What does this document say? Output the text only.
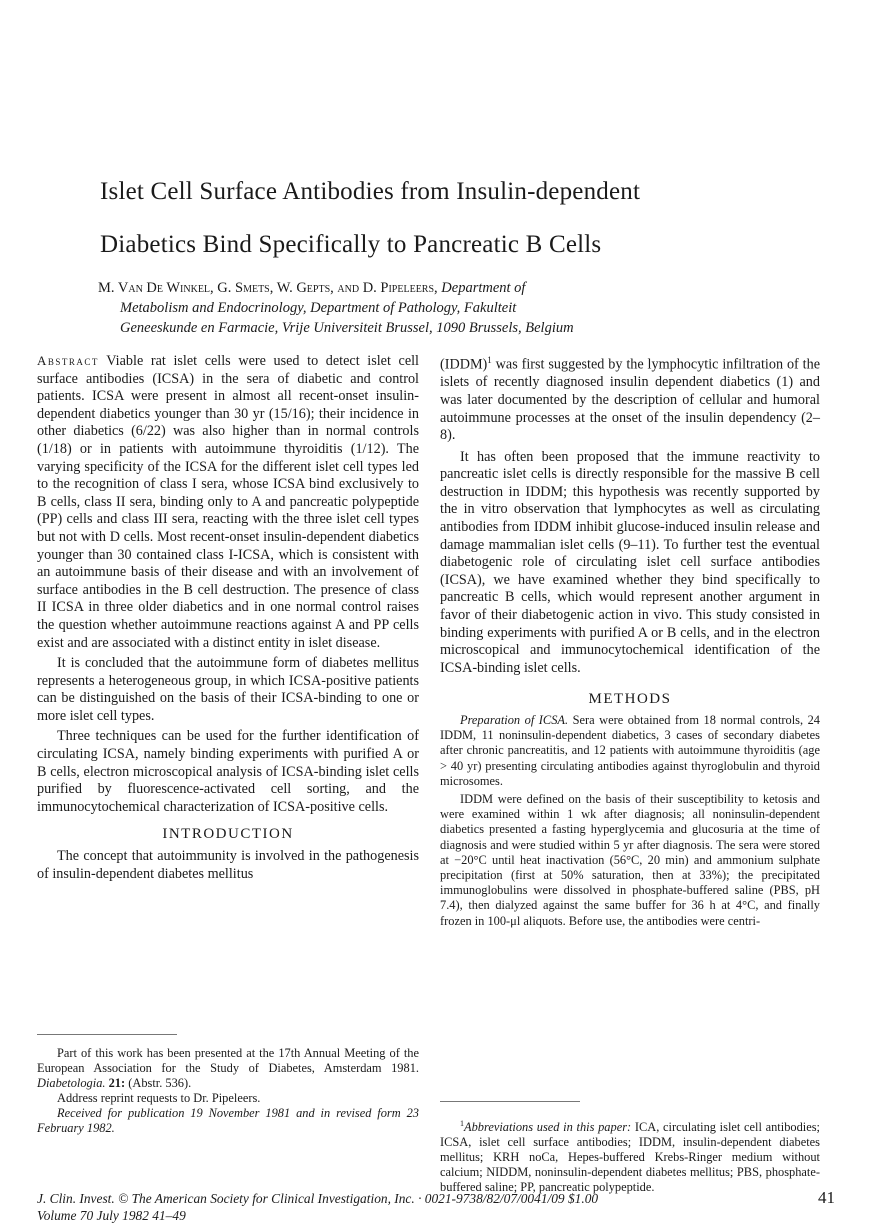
Islet Cell Surface Antibodies from Insulin-dependent
Diabetics Bind Specifically to Pancreatic B Cells
M. Van De Winkel, G. Smets, W. Gepts, and D. Pipeleers, Department of
Metabolism and Endocrinology, Department of Pathology, Fakulteit
Geneeskunde en Farmacie, Vrije Universiteit Brussel, 1090 Brussels, Belgium

Abstract Viable rat islet cells were used to detect islet cell surface antibodies (ICSA) in the sera of diabetic and control patients. ICSA were present in almost all recent-onset insulin-dependent diabetics younger than 30 yr (15/16); their incidence in other diabetics (6/22) was also higher than in normal controls (1/18) or in patients with autoimmune thyroiditis (1/12). The varying specificity of the ICSA for the different islet cell types led to the recognition of class I sera, whose ICSA bind exclusively to B cells, class II sera, binding only to A and pancreatic polypeptide (PP) cells and class III sera, reacting with the three islet cell types but not with D cells. Most recent-onset insulin-dependent diabetics younger than 30 contained class I-ICSA, which is consistent with an autoimmune basis of their disease and with an involvement of surface antibodies in the B cell destruction. The presence of class II ICSA in three older diabetics and in one normal control raises the question whether autoimmune reactions against A and PP cells exist and are associated with a distinct entity in islet disease.

It is concluded that the autoimmune form of diabetes mellitus represents a heterogeneous group, in which ICSA-positive patients can be distinguished on the basis of their ICSA-binding to one or more islet cell types.

Three techniques can be used for the further identification of circulating ICSA, namely binding experiments with purified A or B cells, electron microscopical analysis of ICSA-binding islet cells purified by fluorescence-activated cell sorting, and the immunocytochemical characterization of ICSA-positive cells.

INTRODUCTION

The concept that autoimmunity is involved in the pathogenesis of insulin-dependent diabetes mellitus

Part of this work has been presented at the 17th Annual Meeting of the European Association for the Study of Diabetes, Amsterdam 1981. Diabetologia. 21: (Abstr. 536).

Address reprint requests to Dr. Pipeleers.

Received for publication 19 November 1981 and in revised form 23 February 1982.

(IDDM)$^1$ was first suggested by the lymphocytic infiltration of the islets of recently diagnosed insulin dependent diabetics (1) and was later documented by the description of cellular and humoral autoimmune processes at the onset of the insulin dependency (2–8).

It has often been proposed that the immune reactivity to pancreatic islet cells is directly responsible for the massive B cell destruction in IDDM; this hypothesis was recently supported by the in vitro observation that lymphocytes as well as circulating antibodies from IDDM inhibit glucose-induced insulin release and damage mammalian islet cells (9–11). To further test the eventual diabetogenic role of circulating islet cell surface antibodies (ICSA), we have examined whether they bind specifically to pancreatic B cells, which would represent another argument in favor of their diabetogenic action in vivo. This study consisted in binding experiments with purified A or B cells, and in the electron microscopical and immunocytochemical identification of the ICSA-binding islet cells.

METHODS

Preparation of ICSA. Sera were obtained from 18 normal controls, 24 IDDM, 11 noninsulin-dependent diabetics, 3 cases of secondary diabetes after chronic pancreatitis, and 12 patients with autoimmune thyroiditis (age > 40 yr) presenting circulating antibodies against thyroglobulin and thyroid microsomes.

IDDM were defined on the basis of their susceptibility to ketosis and were examined within 1 wk after diagnosis; all noninsulin-dependent diabetics presented a fasting hyperglycemia and glucosuria at the time of diagnosis and were studied within 5 yr after diagnosis. The sera were stored at −20°C until heat inactivation (56°C, 20 min) and ammonium sulphate precipitation (first at 50% saturation, then at 33%); the precipitated immunoglobulins were dissolved in phosphate-buffered saline (PBS, pH 7.4), then dialyzed against the same buffer for 36 h at 4°C, and finally frozen in 100-μl aliquots. Before use, the antibodies were centri-

$^1$Abbreviations used in this paper: ICA, circulating islet cell antibodies; ICSA, islet cell surface antibodies; IDDM, insulin-dependent diabetes mellitus; KRH noCa, Hepes-buffered Krebs-Ringer medium without calcium; NIDDM, noninsulin-dependent diabetes mellitus; PBS, phosphate-buffered saline; PP, pancreatic polypeptide.

J. Clin. Invest. © The American Society for Clinical Investigation, Inc. · 0021-9738/82/07/0041/09 $1.00
Volume 70 July 1982 41–49
41
